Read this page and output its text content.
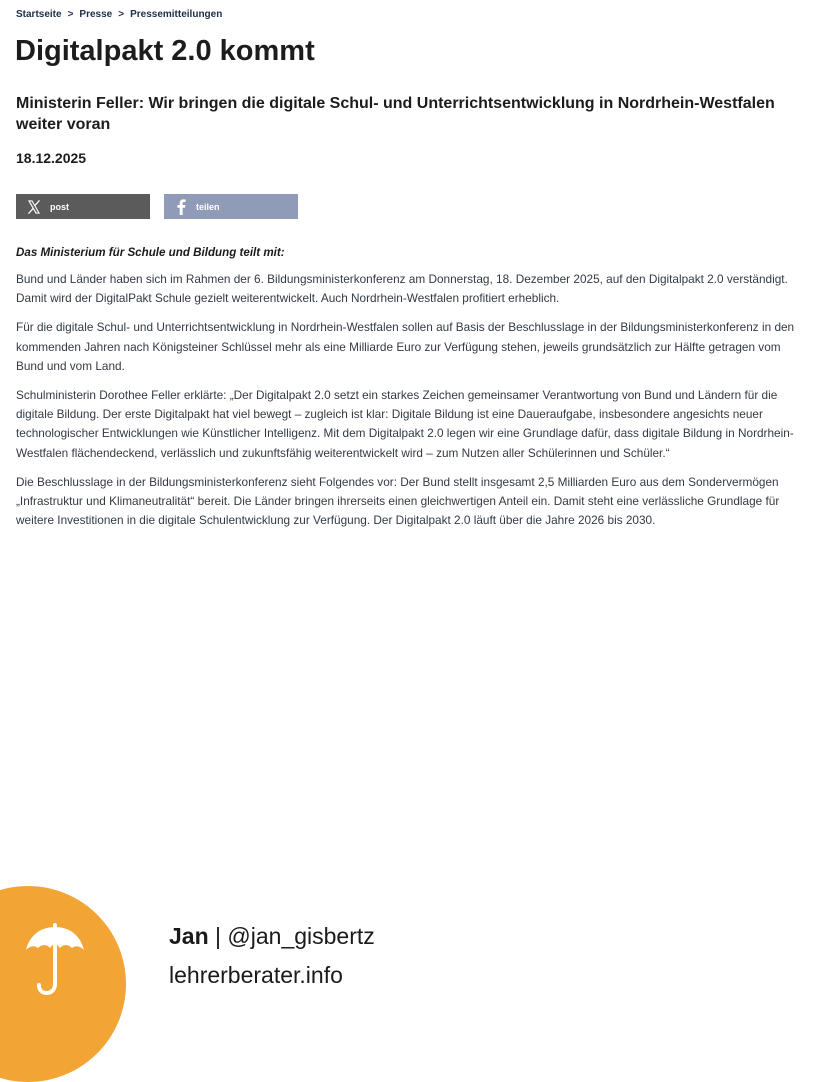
Startseite > Presse > Pressemitteilungen
Digitalpakt 2.0 kommt
Ministerin Feller: Wir bringen die digitale Schul- und Unterrichtsentwicklung in Nordrhein-Westfalen weiter voran
18.12.2025
post	teilen

Das Ministerium für Schule und Bildung teilt mit:

Bund und Länder haben sich im Rahmen der 6. Bildungsministerkonferenz am Donnerstag, 18. Dezember 2025, auf den Digitalpakt 2.0 verständigt. Damit wird der DigitalPakt Schule gezielt weiterentwickelt. Auch Nordrhein-Westfalen profitiert erheblich.

Für die digitale Schul- und Unterrichtsentwicklung in Nordrhein-Westfalen sollen auf Basis der Beschlusslage in der Bildungsministerkonferenz in den kommenden Jahren nach Königsteiner Schlüssel mehr als eine Milliarde Euro zur Verfügung stehen, jeweils grundsätzlich zur Hälfte getragen vom Bund und vom Land.

Schulministerin Dorothee Feller erklärte: „Der Digitalpakt 2.0 setzt ein starkes Zeichen gemeinsamer Verantwortung von Bund und Ländern für die digitale Bildung. Der erste Digitalpakt hat viel bewegt – zugleich ist klar: Digitale Bildung ist eine Daueraufgabe, insbesondere angesichts neuer technologischer Entwicklungen wie Künstlicher Intelligenz. Mit dem Digitalpakt 2.0 legen wir eine Grundlage dafür, dass digitale Bildung in Nordrhein-Westfalen flächendeckend, verlässlich und zukunftsfähig weiterentwickelt wird – zum Nutzen aller Schülerinnen und Schüler.“

Die Beschlusslage in der Bildungsministerkonferenz sieht Folgendes vor: Der Bund stellt insgesamt 2,5 Milliarden Euro aus dem Sondervermögen „Infrastruktur und Klimaneutralität“ bereit. Die Länder bringen ihrerseits einen gleichwertigen Anteil ein. Damit steht eine verlässliche Grundlage für weitere Investitionen in die digitale Schulentwicklung zur Verfügung. Der Digitalpakt 2.0 läuft über die Jahre 2026 bis 2030.

Jan | @jan_gisbertz
lehrerberater.info
